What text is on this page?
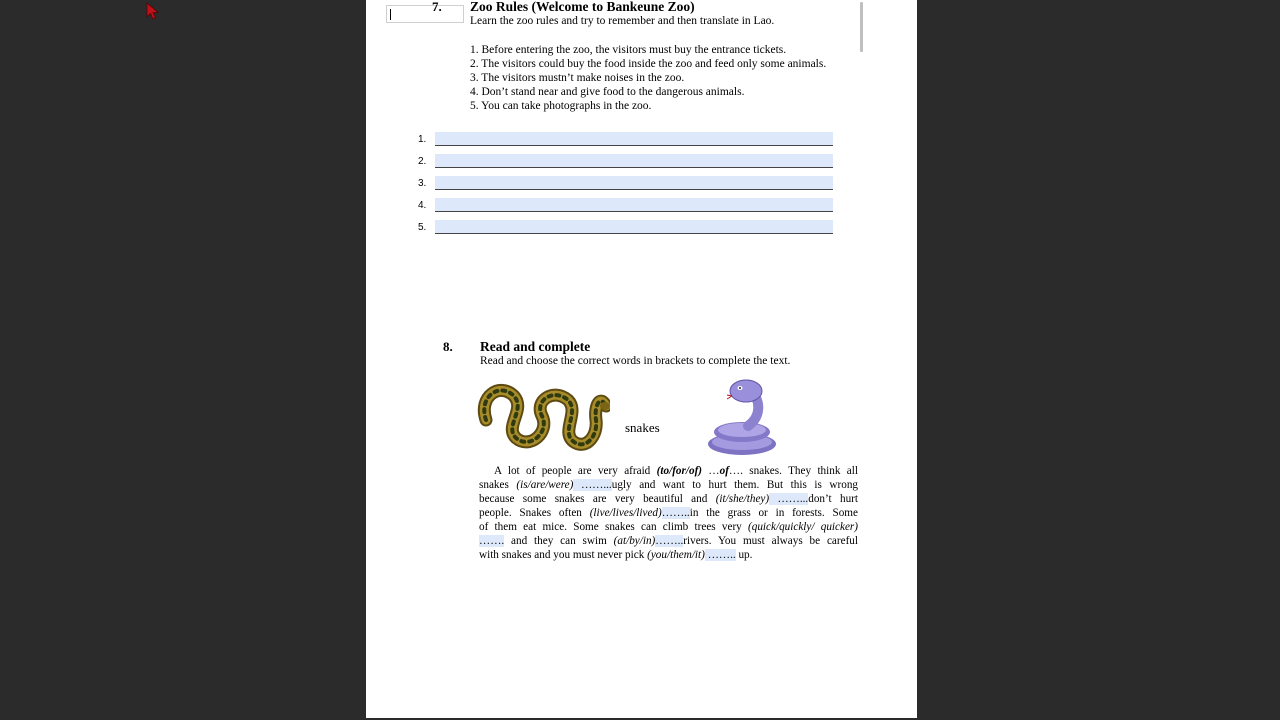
7. Zoo Rules (Welcome to Bankeune Zoo)
Learn the zoo rules and try to remember and then translate in Lao.
1. Before entering the zoo, the visitors must buy the entrance tickets.
2. The visitors could buy the food inside the zoo and feed only some animals.
3. The visitors mustn’t make noises in the zoo.
4. Don’t stand near and give food to the dangerous animals.
5. You can take photographs in the zoo.
1.
2.
3.
4.
5.
8. Read and complete
Read and choose the correct words in brackets to complete the text.
snakes
A lot of people are very afraid (to/for/of) …of…. snakes. They think all
snakes (is/are/were) ……...ugly and want to hurt them. But this is wrong
because some snakes are very beautiful and (it/she/they) ……...don’t hurt
people. Snakes often (live/lives/lived)……..in the grass or in forests. Some
of them eat mice. Some snakes can climb trees very (quick/quickly/ quicker)
……. and they can swim (at/by/in)……..rivers. You must always be careful
with snakes and you must never pick (you/them/it) …….. up.
